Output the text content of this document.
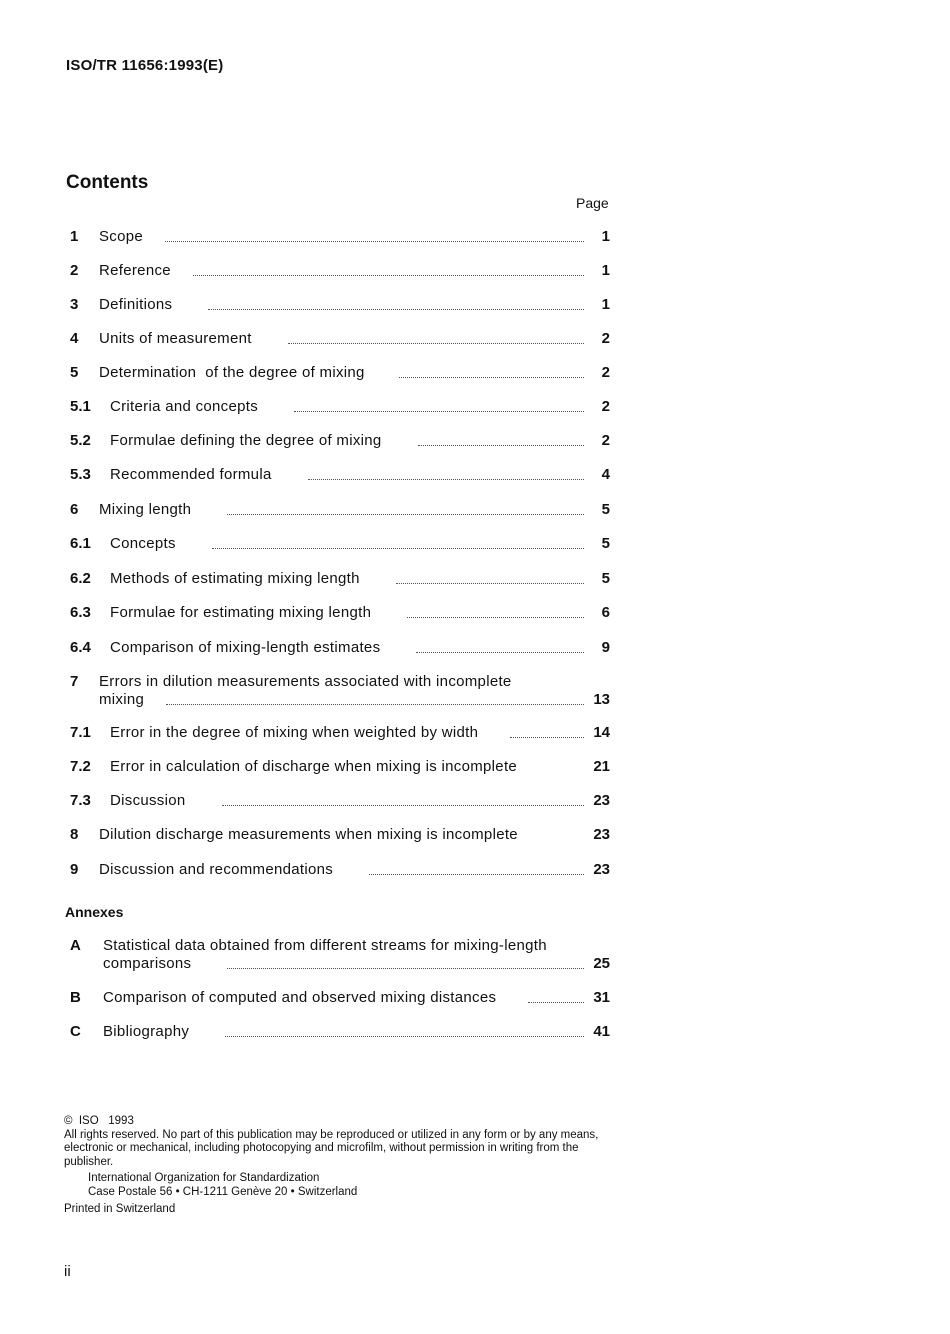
ISO/TR 11656:1993(E)
Contents
Page
1	Scope	1
2	Reference	1
3	Definitions	1
4	Units of measurement	2
5	Determination  of the degree of mixing	2
5.1	Criteria and concepts	2
5.2	Formulae defining the degree of mixing	2
5.3	Recommended formula	4
6	Mixing length	5
6.1	Concepts	5
6.2	Methods of estimating mixing length	5
6.3	Formulae for estimating mixing length	6
6.4	Comparison of mixing-length estimates	9
7	Errors in dilution measurements associated with incomplete
mixing	13
7.1	Error in the degree of mixing when weighted by width	14
7.2	Error in calculation of discharge when mixing is incomplete	21
7.3	Discussion	23
8	Dilution discharge measurements when mixing is incomplete	23
9	Discussion and recommendations	23
Annexes
A	Statistical data obtained from different streams for mixing-length
comparisons	25
B	Comparison of computed and observed mixing distances	31
C	Bibliography	41
©  ISO   1993
All rights reserved. No part of this publication may be reproduced or utilized in any form or by any means, electronic or mechanical, including photocopying and microfilm, without permission in writing from the publisher.
International Organization for Standardization
Case Postale 56 • CH-1211 Genève 20 • Switzerland
Printed in Switzerland
ii
